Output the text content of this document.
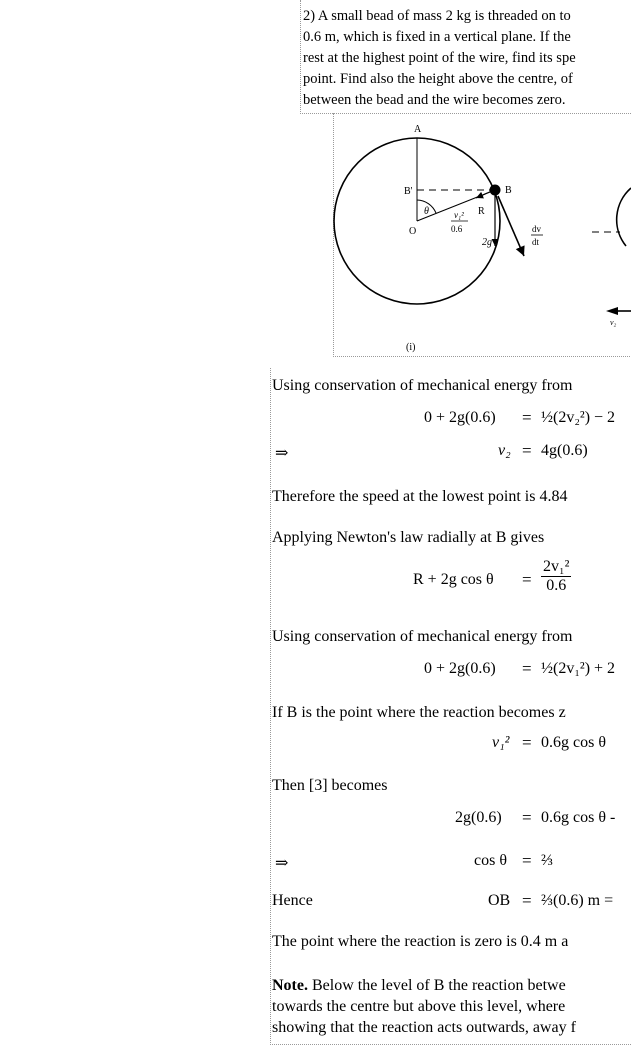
2) A small bead of mass 2 kg is threaded on to
0.6 m, which is fixed in a vertical plane. If the
rest at the highest point of the wire, find its spe
point. Find also the height above the centre, of
between the bead and the wire becomes zero.
A
B'	B
O
θ	R
v₁²
0.6
2g
dv
dt
(i)
v₂
Using conservation of mechanical energy from
0 + 2g(0.6) = ½(2v₂²) − 2
⇒	v₂ = 4g(0.6)
Therefore the speed at the lowest point is 4.84
Applying Newton's law radially at B gives
R + 2g $\cos \theta = \frac{\text{2v₁²}}{0.6}$
Using conservation of mechanical energy from
0 + 2g(0.6) = ½(2v₁²) + 2
If B is the point where the reaction becomes z
v₁² = 0.6g cos θ
Then [3] becomes
2g(0.6) = 0.6g cos θ -
⇒	cos θ = ⅔
Hence	OB = ⅔(0.6) m =
The point where the reaction is zero is 0.4 m a
Note. Below the level of B the reaction betwe
towards the centre but above this level, where
showing that the reaction acts outwards, away f
